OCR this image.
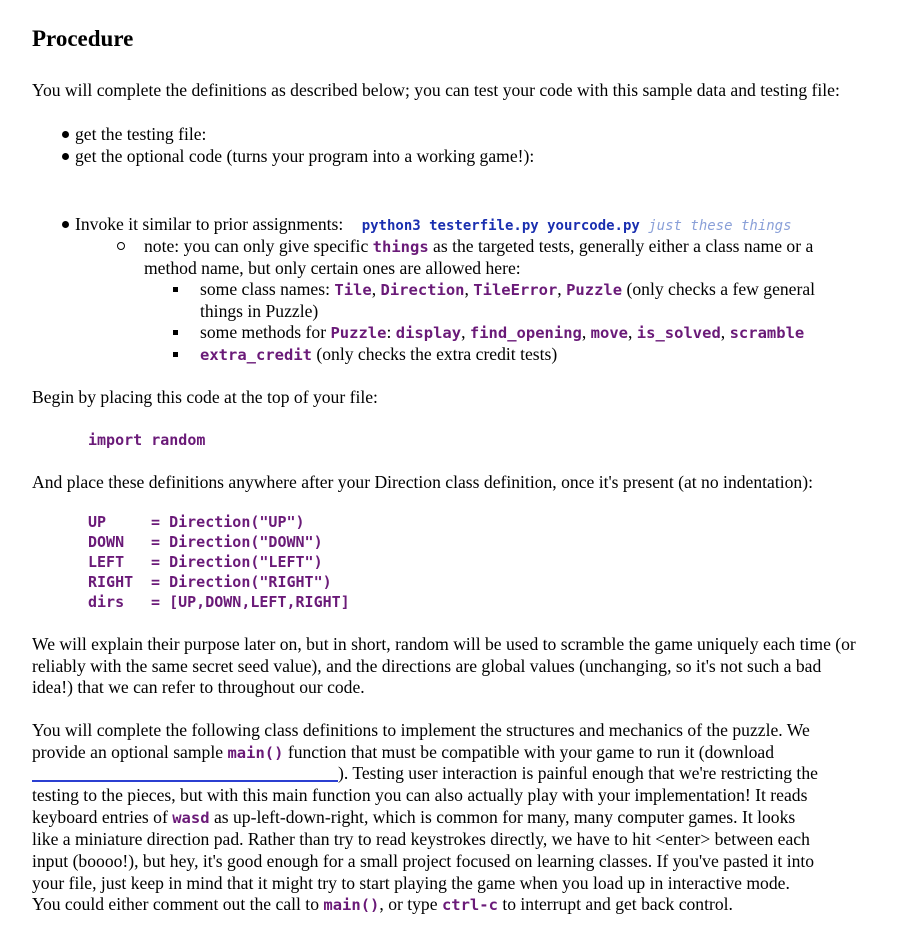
Procedure
You will complete the definitions as described below; you can test your code with this sample data and testing file:
get the testing file:
get the optional code (turns your program into a working game!):
Invoke it similar to prior assignments: python3 testerfile.py yourcode.py just these things
note: you can only give specific things as the targeted tests, generally either a class name or a
method name, but only certain ones are allowed here:
some class names: Tile, Direction, TileError, Puzzle (only checks a few general
things in Puzzle)
some methods for Puzzle: display, find_opening, move, is_solved, scramble
extra_credit (only checks the extra credit tests)
Begin by placing this code at the top of your file:
import random
And place these definitions anywhere after your Direction class definition, once it's present (at no indentation):
UP = Direction("UP")
DOWN = Direction("DOWN")
LEFT = Direction("LEFT")
RIGHT = Direction("RIGHT")
dirs = [UP,DOWN,LEFT,RIGHT]
We will explain their purpose later on, but in short, random will be used to scramble the game uniquely each time (or reliably with the same secret seed value), and the directions are global values (unchanging, so it's not such a bad idea!) that we can refer to throughout our code.
You will complete the following class definitions to implement the structures and mechanics of the puzzle. We
provide an optional sample main() function that must be compatible with your game to run it (download
). Testing user interaction is painful enough that we're restricting the
testing to the pieces, but with this main function you can also actually play with your implementation! It reads
keyboard entries of wasd as up-left-down-right, which is common for many, many computer games. It looks
like a miniature direction pad. Rather than try to read keystrokes directly, we have to hit <enter> between each
input (boooo!), but hey, it's good enough for a small project focused on learning classes. If you've pasted it into
your file, just keep in mind that it might try to start playing the game when you load up in interactive mode.
You could either comment out the call to main(), or type ctrl-c to interrupt and get back control.
